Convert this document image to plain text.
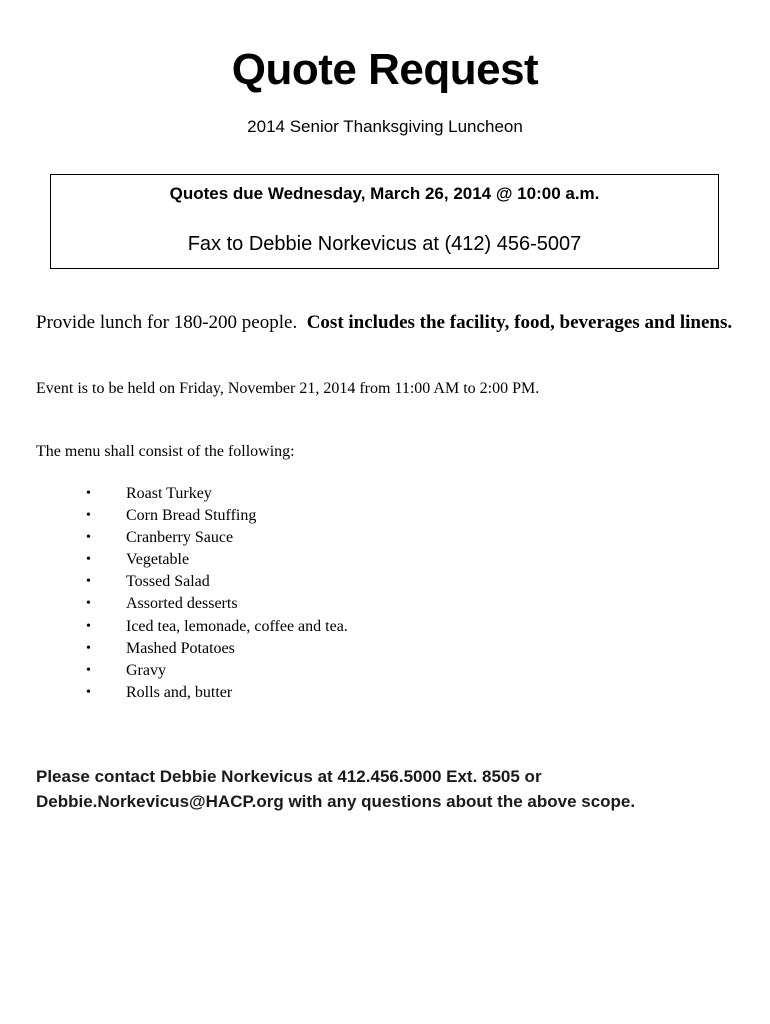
Quote Request
2014 Senior Thanksgiving Luncheon
Quotes due Wednesday, March 26, 2014 @ 10:00 a.m.
Fax to Debbie Norkevicus at (412) 456-5007
Provide lunch for 180-200 people. Cost includes the facility, food, beverages and linens.
Event is to be held on Friday, November 21, 2014 from 11:00 AM to 2:00 PM.
The menu shall consist of the following:
• Roast Turkey
• Corn Bread Stuffing
• Cranberry Sauce
• Vegetable
• Tossed Salad
• Assorted desserts
• Iced tea, lemonade, coffee and tea.
• Mashed Potatoes
• Gravy
• Rolls and, butter
Please contact Debbie Norkevicus at 412.456.5000 Ext. 8505 or
Debbie.Norkevicus@HACP.org with any questions about the above scope.
